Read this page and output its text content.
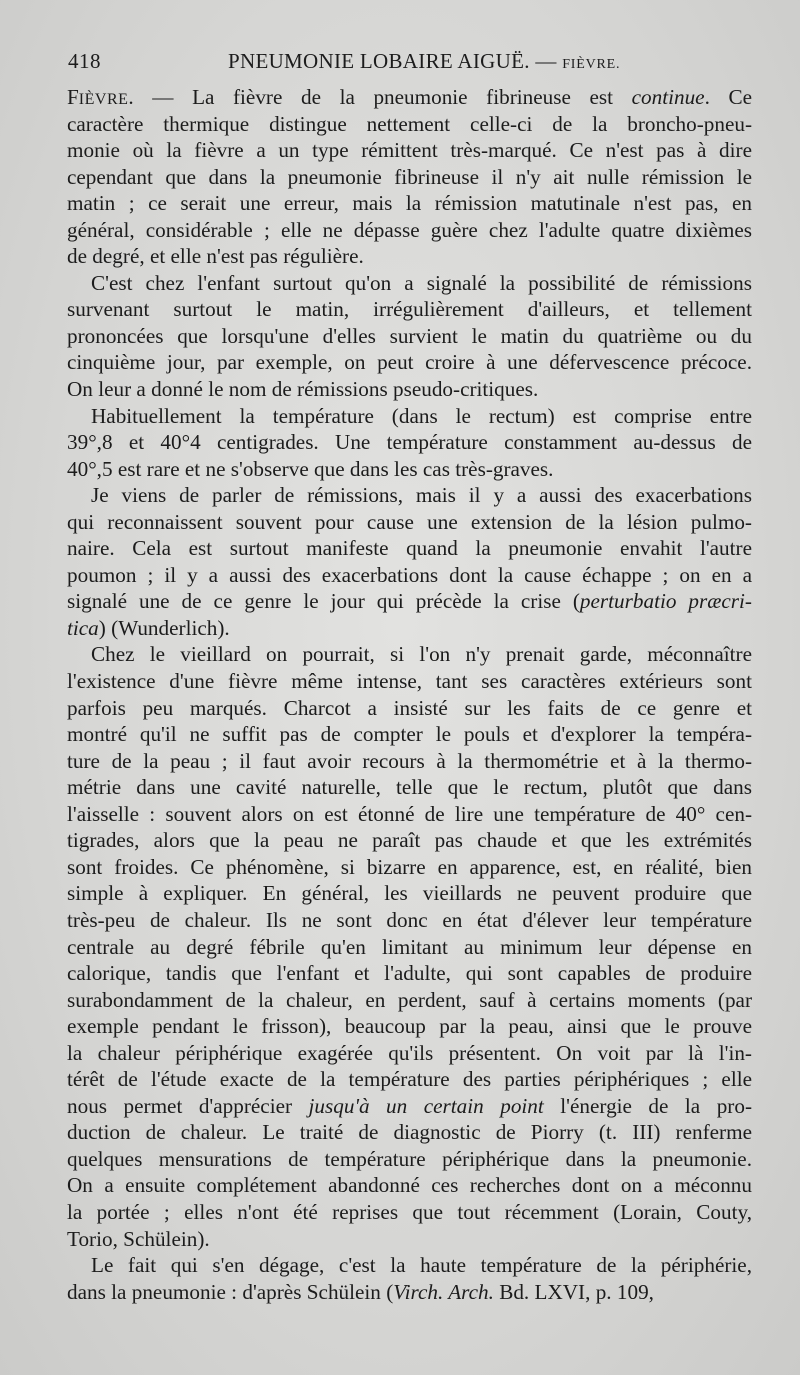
418	PNEUMONIE LOBAIRE AIGUË. — FIÈVRE.
FIÈVRE. — La fièvre de la pneumonie fibrineuse est continue. Ce
caractère thermique distingue nettement celle-ci de la broncho-pneu-
monie où la fièvre a un type rémittent très-marqué. Ce n'est pas à dire
cependant que dans la pneumonie fibrineuse il n'y ait nulle rémission le
matin ; ce serait une erreur, mais la rémission matutinale n'est pas, en
général, considérable ; elle ne dépasse guère chez l'adulte quatre dixièmes
de degré, et elle n'est pas régulière.
C'est chez l'enfant surtout qu'on a signalé la possibilité de rémissions
survenant surtout le matin, irrégulièrement d'ailleurs, et tellement
prononcées que lorsqu'une d'elles survient le matin du quatrième ou du
cinquième jour, par exemple, on peut croire à une défervescence précoce.
On leur a donné le nom de rémissions pseudo-critiques.
Habituellement la température (dans le rectum) est comprise entre
39°,8 et 40°4 centigrades. Une température constamment au-dessus de
40°,5 est rare et ne s'observe que dans les cas très-graves.
Je viens de parler de rémissions, mais il y a aussi des exacerbations
qui reconnaissent souvent pour cause une extension de la lésion pulmo-
naire. Cela est surtout manifeste quand la pneumonie envahit l'autre
poumon ; il y a aussi des exacerbations dont la cause échappe ; on en a
signalé une de ce genre le jour qui précède la crise (perturbatio præcri-
tica) (Wunderlich).
Chez le vieillard on pourrait, si l'on n'y prenait garde, méconnaître
l'existence d'une fièvre même intense, tant ses caractères extérieurs sont
parfois peu marqués. Charcot a insisté sur les faits de ce genre et
montré qu'il ne suffit pas de compter le pouls et d'explorer la tempéra-
ture de la peau ; il faut avoir recours à la thermométrie et à la thermo-
métrie dans une cavité naturelle, telle que le rectum, plutôt que dans
l'aisselle : souvent alors on est étonné de lire une température de 40° cen-
tigrades, alors que la peau ne paraît pas chaude et que les extrémités
sont froides. Ce phénomène, si bizarre en apparence, est, en réalité, bien
simple à expliquer. En général, les vieillards ne peuvent produire que
très-peu de chaleur. Ils ne sont donc en état d'élever leur température
centrale au degré fébrile qu'en limitant au minimum leur dépense en
calorique, tandis que l'enfant et l'adulte, qui sont capables de produire
surabondamment de la chaleur, en perdent, sauf à certains moments (par
exemple pendant le frisson), beaucoup par la peau, ainsi que le prouve
la chaleur périphérique exagérée qu'ils présentent. On voit par là l'in-
térêt de l'étude exacte de la température des parties périphériques ; elle
nous permet d'apprécier jusqu'à un certain point l'énergie de la pro-
duction de chaleur. Le traité de diagnostic de Piorry (t. III) renferme
quelques mensurations de température périphérique dans la pneumonie.
On a ensuite complétement abandonné ces recherches dont on a méconnu
la portée ; elles n'ont été reprises que tout récemment (Lorain, Couty,
Torio, Schülein).
Le fait qui s'en dégage, c'est la haute température de la périphérie,
dans la pneumonie : d'après Schülein (Virch. Arch. Bd. LXVI, p. 109,
